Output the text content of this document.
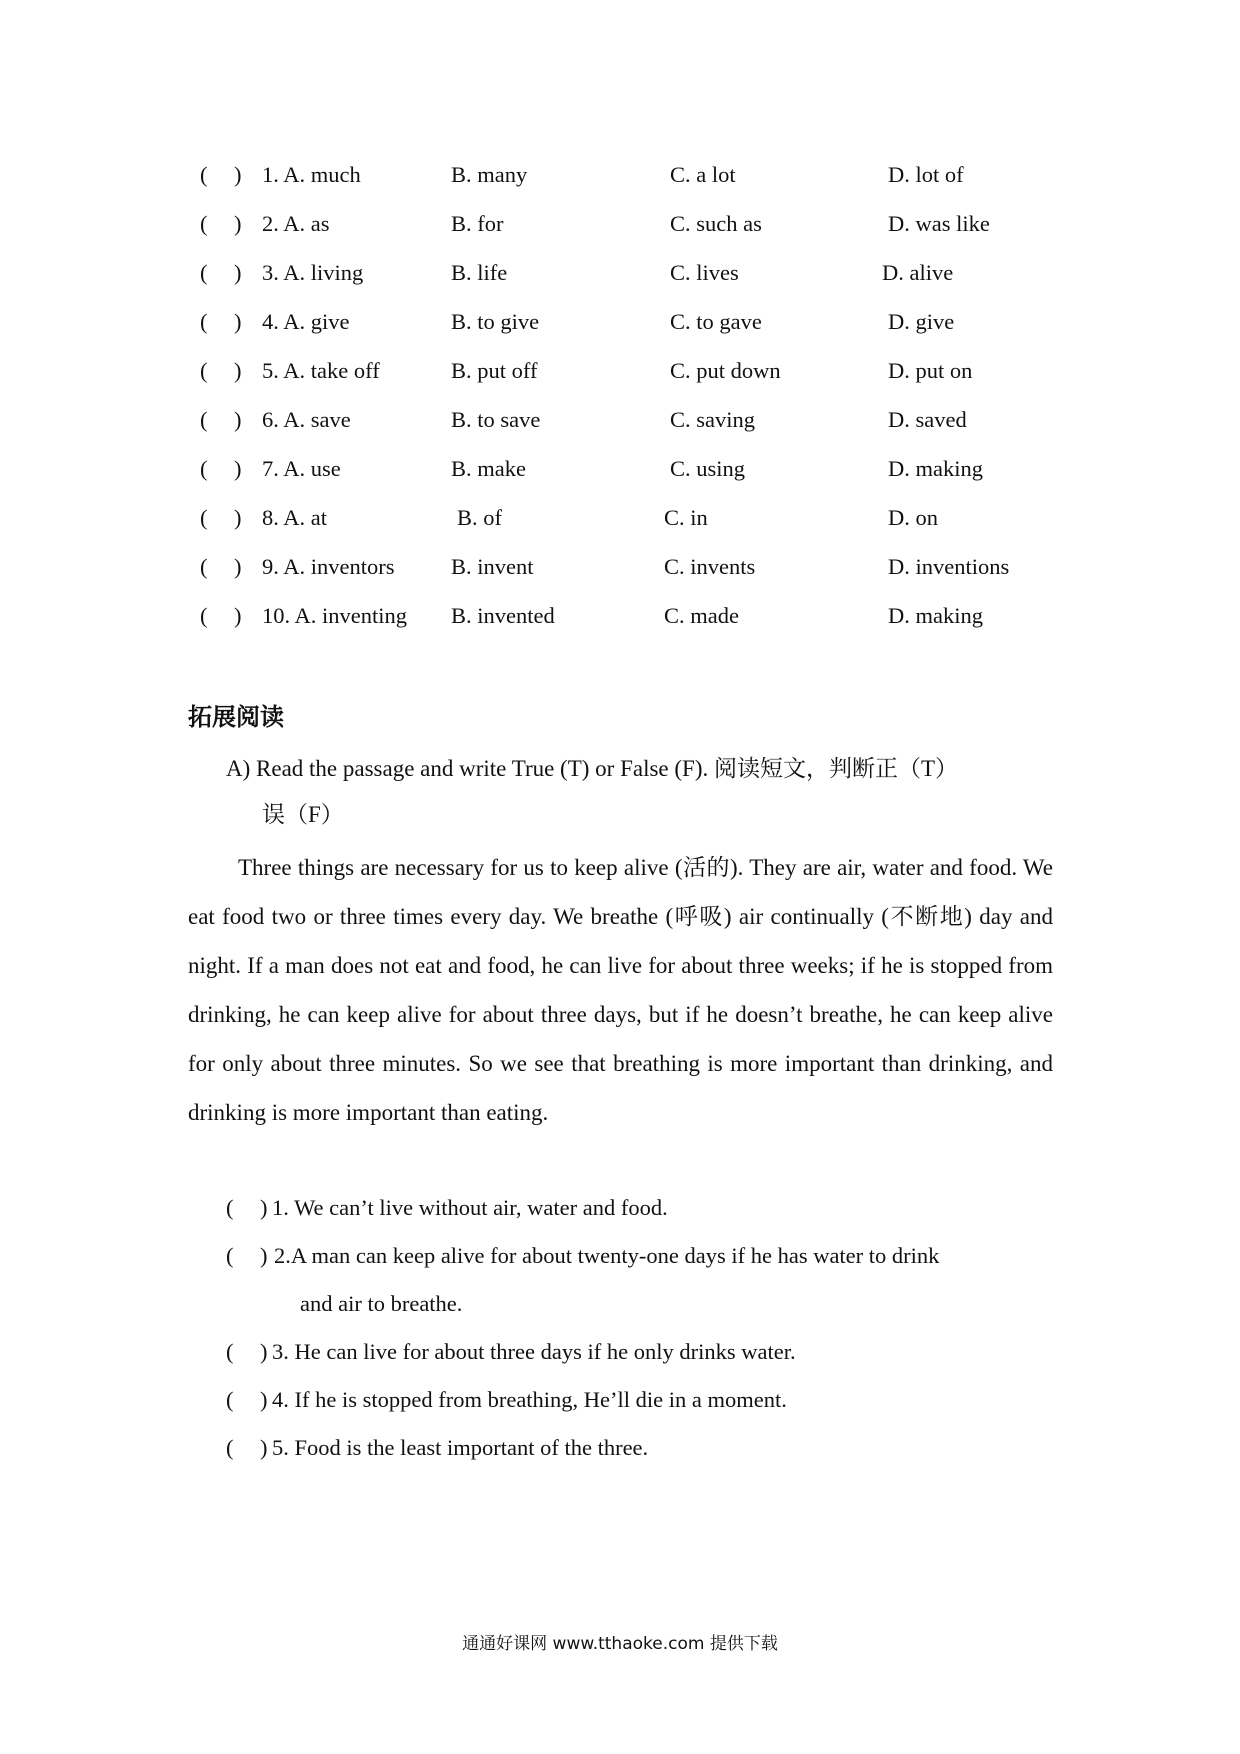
(　) 1. A. much	B. many	C. a lot	D. lot of
(　) 2. A. as	B. for	C. such as	D. was like
(　) 3. A. living	B. life	C. lives	D. alive
(　) 4. A. give	B. to give	C. to gave	D. give
(　) 5. A. take off	B. put off	C. put down	D. put on
(　) 6. A. save	B. to save	C. saving	D. saved
(　) 7. A. use	B. make	C. using	D. making
(　) 8. A. at	B. of	C. in	D. on
(　) 9. A. inventors	B. invent	C. invents	D. inventions
(　) 10. A. inventing B. invented	C. made	D. making
拓展阅读
A) Read the passage and write True (T) or False (F). 阅读短文，判断正（T）
误（F）
Three things are necessary for us to keep alive (活的). They are air, water and food. We eat food two or three times every day. We breathe (呼吸) air continually (不断地) day and night. If a man does not eat and food, he can live for about three weeks; if he is stopped from drinking, he can keep alive for about three days, but if he doesn’t breathe, he can keep alive for only about three minutes. So we see that breathing is more important than drinking, and drinking is more important than eating.
(　) 1. We can’t live without air, water and food.
(　) 2.A man can keep alive for about twenty-one days if he has water to drink
and air to breathe.
(　) 3. He can live for about three days if he only drinks water.
(　) 4. If he is stopped from breathing, He’ll die in a moment.
(　) 5. Food is the least important of the three.
通通好课网 www.tthaoke.com 提供下载
